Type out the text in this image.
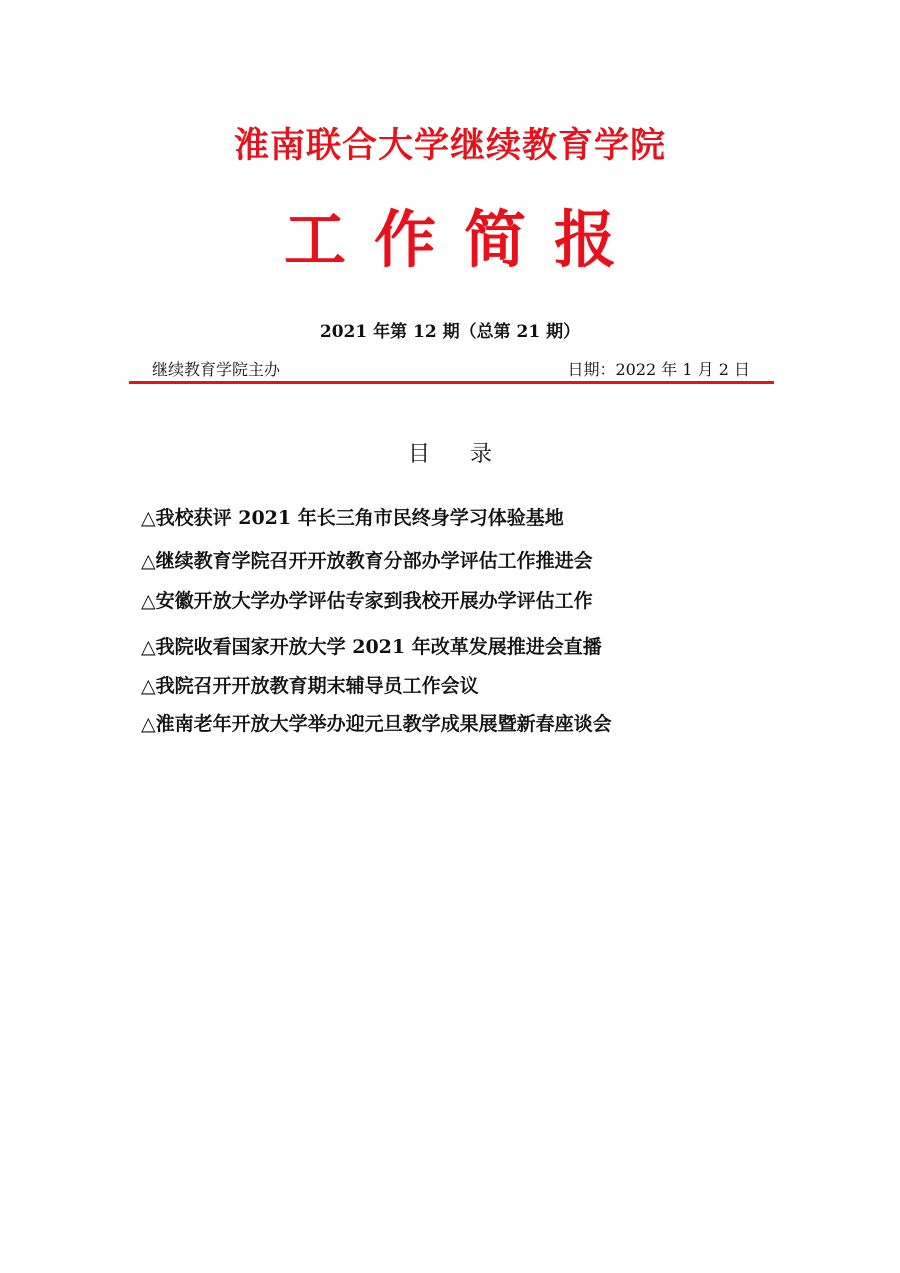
淮南联合大学继续教育学院
工作简报
2021 年第 12 期（总第 21 期）
继续教育学院主办	日期：2022 年 1 月 2 日
目录
△我校获评 2021 年长三角市民终身学习体验基地
△继续教育学院召开开放教育分部办学评估工作推进会
△安徽开放大学办学评估专家到我校开展办学评估工作
△我院收看国家开放大学 2021 年改革发展推进会直播
△我院召开开放教育期末辅导员工作会议
△淮南老年开放大学举办迎元旦教学成果展暨新春座谈会
